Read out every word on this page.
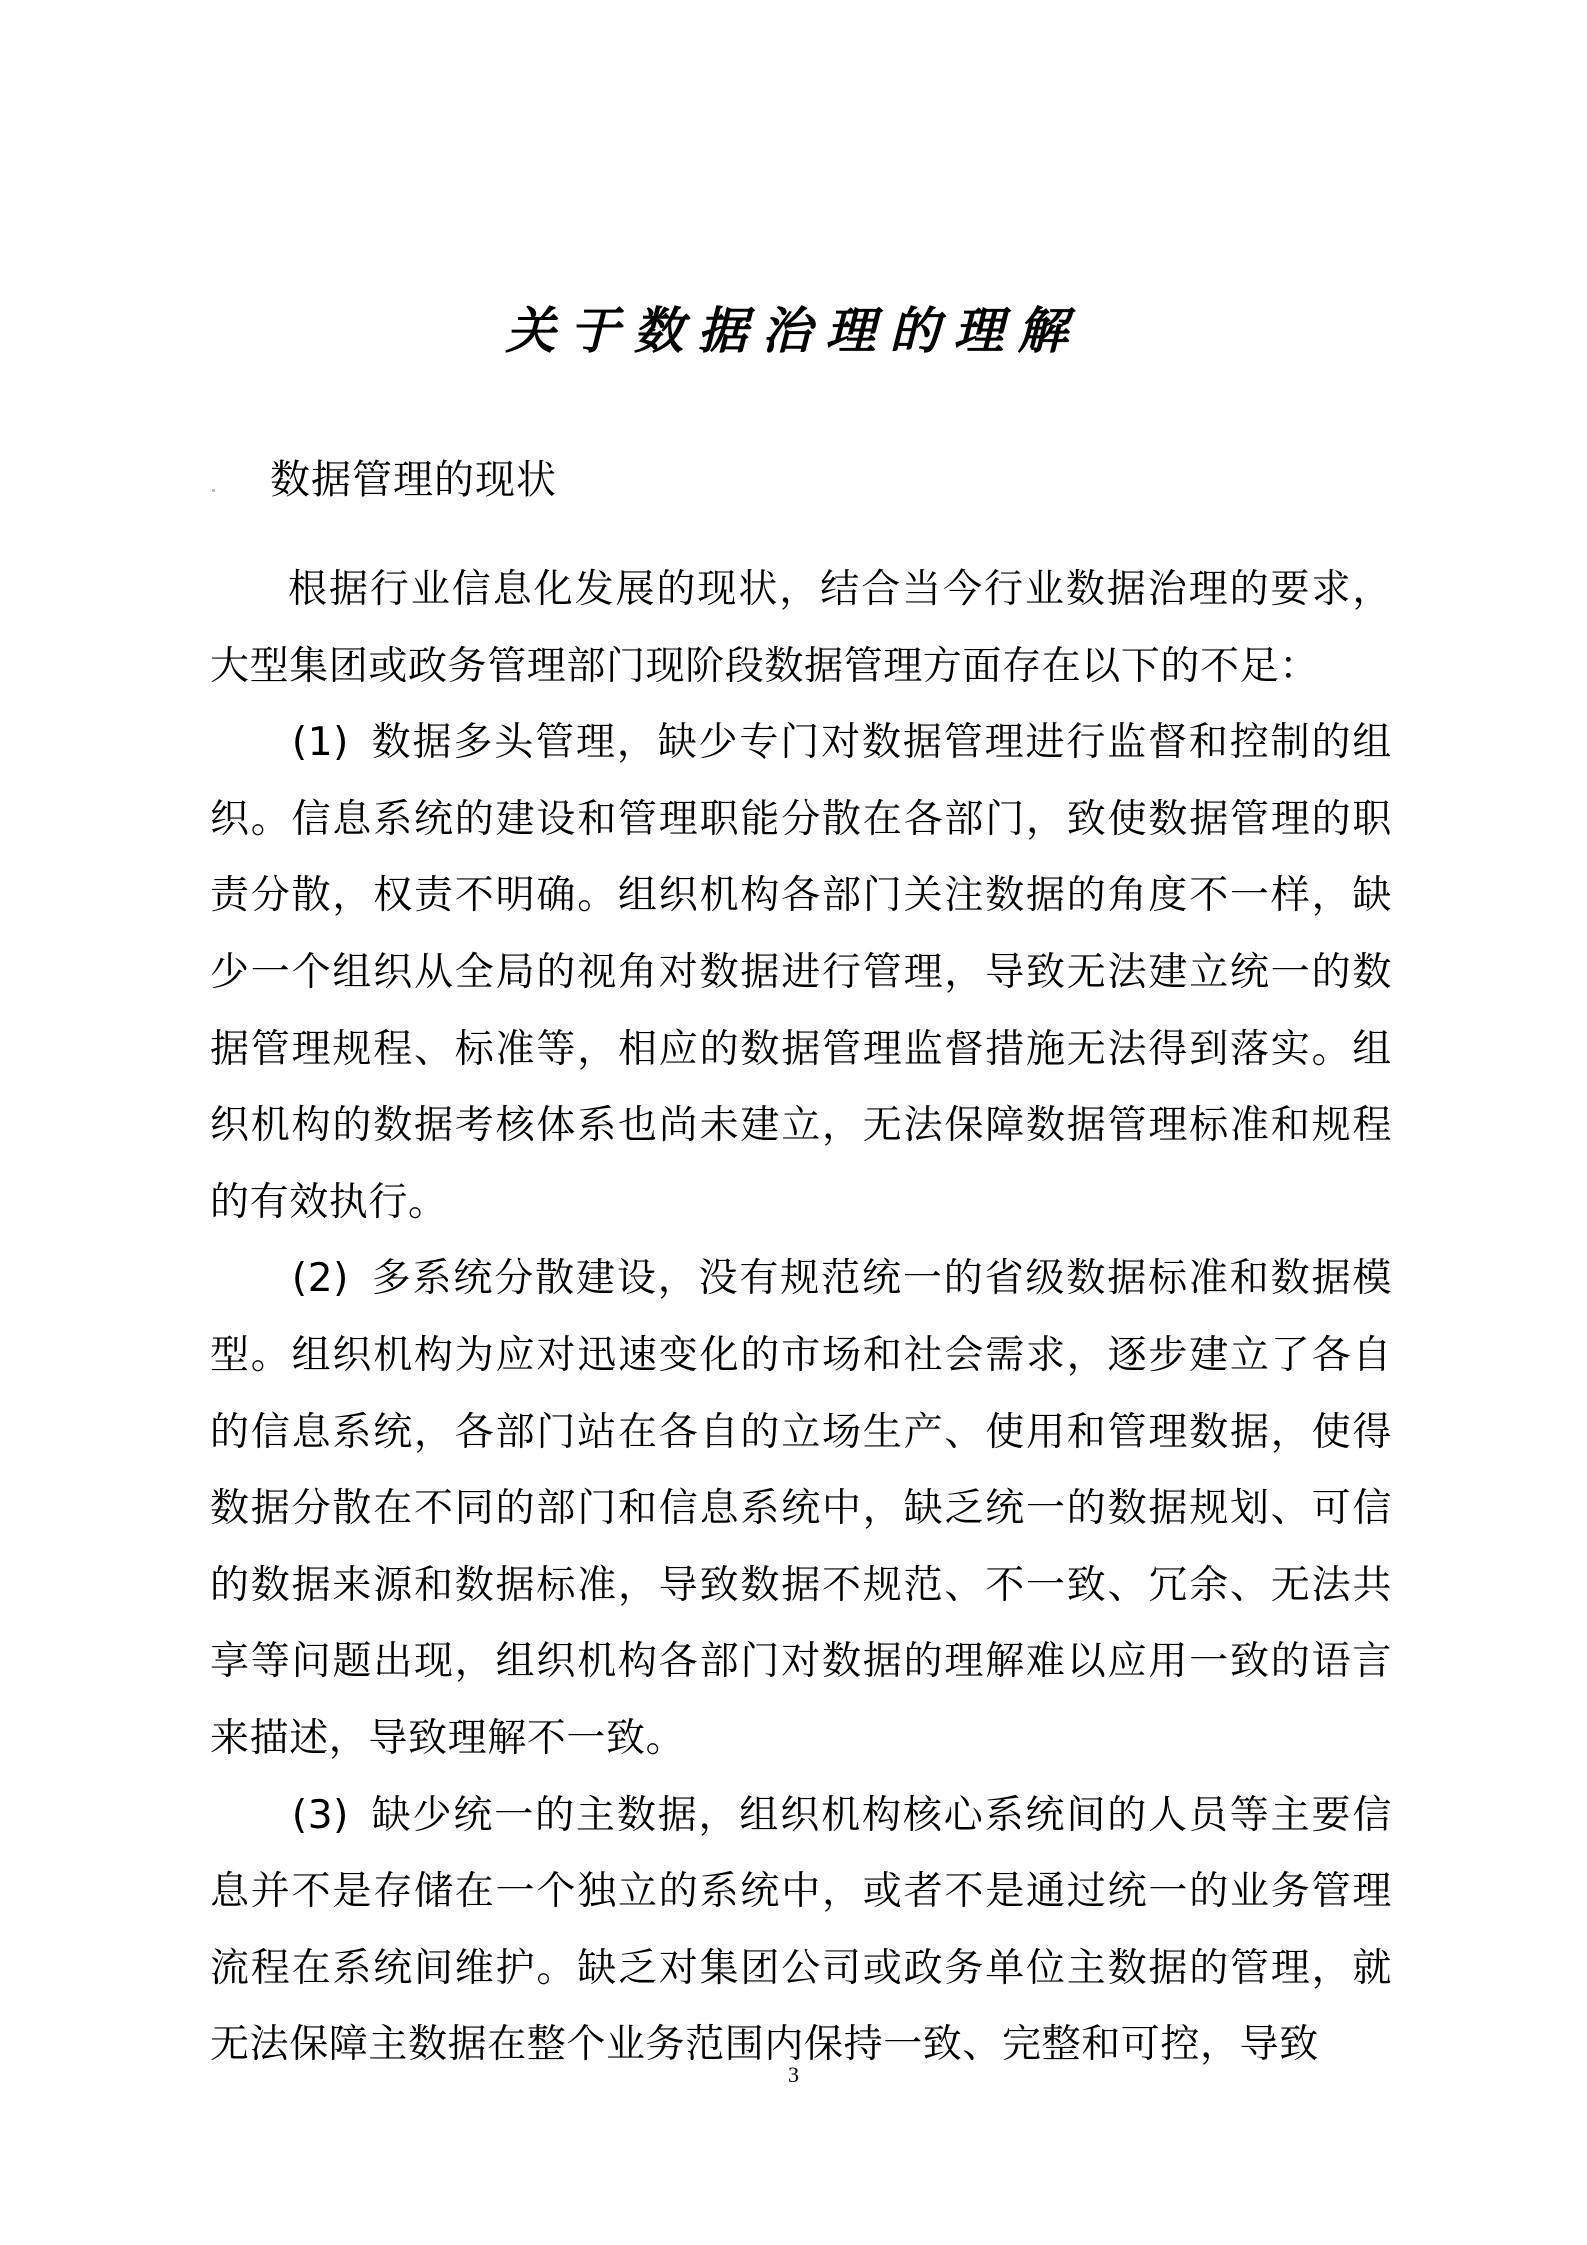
关于数据治理的理解
数据管理的现状

根据行业信息化发展的现状，结合当今行业数据治理的要求，大型集团或政务管理部门现阶段数据管理方面存在以下的不足：

(1) 数据多头管理，缺少专门对数据管理进行监督和控制的组织。信息系统的建设和管理职能分散在各部门，致使数据管理的职责分散，权责不明确。组织机构各部门关注数据的角度不一样，缺少一个组织从全局的视角对数据进行管理，导致无法建立统一的数据管理规程、标准等，相应的数据管理监督措施无法得到落实。组织机构的数据考核体系也尚未建立，无法保障数据管理标准和规程的有效执行。

(2) 多系统分散建设，没有规范统一的省级数据标准和数据模型。组织机构为应对迅速变化的市场和社会需求，逐步建立了各自的信息系统，各部门站在各自的立场生产、使用和管理数据，使得数据分散在不同的部门和信息系统中，缺乏统一的数据规划、可信的数据来源和数据标准，导致数据不规范、不一致、冗余、无法共享等问题出现，组织机构各部门对数据的理解难以应用一致的语言来描述，导致理解不一致。

(3) 缺少统一的主数据，组织机构核心系统间的人员等主要信息并不是存储在一个独立的系统中，或者不是通过统一的业务管理流程在系统间维护。缺乏对集团公司或政务单位主数据的管理，就无法保障主数据在整个业务范围内保持一致、完整和可控，导致

3
